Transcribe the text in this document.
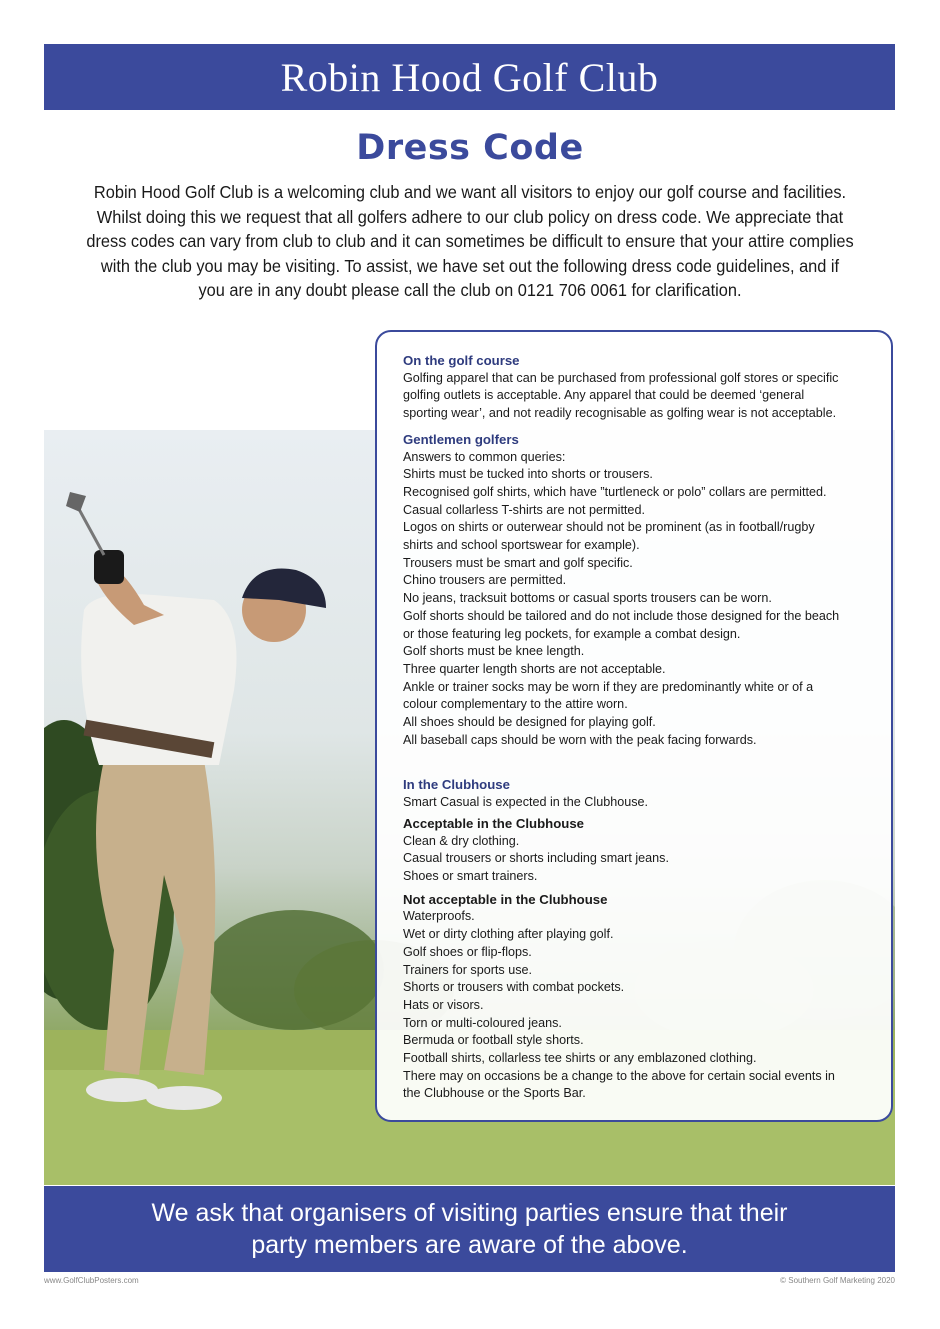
Robin Hood Golf Club
Dress Code
Robin Hood Golf Club is a welcoming club and we want all visitors to enjoy our golf course and facilities.
Whilst doing this we request that all golfers adhere to our club policy on dress code. We appreciate that
dress codes can vary from club to club and it can sometimes be difficult to ensure that your attire complies
with the club you may be visiting. To assist, we have set out the following dress code guidelines, and if
you are in any doubt please call the club on 0121 706 0061 for clarification.

On the golf course

Golfing apparel that can be purchased from professional golf stores or specific

golfing outlets is acceptable. Any apparel that could be deemed ‘general

sporting wear’, and not readily recognisable as golfing wear is not acceptable.

Gentlemen golfers

Answers to common queries:

Shirts must be tucked into shorts or trousers.

Recognised golf shirts, which have ”turtleneck or polo” collars are permitted.

Casual collarless T-shirts are not permitted.

Logos on shirts or outerwear should not be prominent (as in football/rugby

shirts and school sportswear for example).

Trousers must be smart and golf specific.

Chino trousers are permitted.

No jeans, tracksuit bottoms or casual sports trousers can be worn.

Golf shorts should be tailored and do not include those designed for the beach

or those featuring leg pockets, for example a combat design.

Golf shorts must be knee length.

Three quarter length shorts are not acceptable.

Ankle or trainer socks may be worn if they are predominantly white or of a

colour complementary to the attire worn.

All shoes should be designed for playing golf.

All baseball caps should be worn with the peak facing forwards.

In the Clubhouse

Smart Casual is expected in the Clubhouse.

Acceptable in the Clubhouse

Clean & dry clothing.

Casual trousers or shorts including smart jeans.

Shoes or smart trainers.

Not acceptable in the Clubhouse

Waterproofs.

Wet or dirty clothing after playing golf.

Golf shoes or flip-flops.

Trainers for sports use.

Shorts or trousers with combat pockets.

Hats or visors.

Torn or multi-coloured jeans.

Bermuda or football style shorts.

Football shirts, collarless tee shirts or any emblazoned clothing.

There may on occasions be a change to the above for certain social events in

the Clubhouse or the Sports Bar.

We ask that organisers of visiting parties ensure that their
party members are aware of the above.
www.GolfClubPosters.com	© Southern Golf Marketing 2020
